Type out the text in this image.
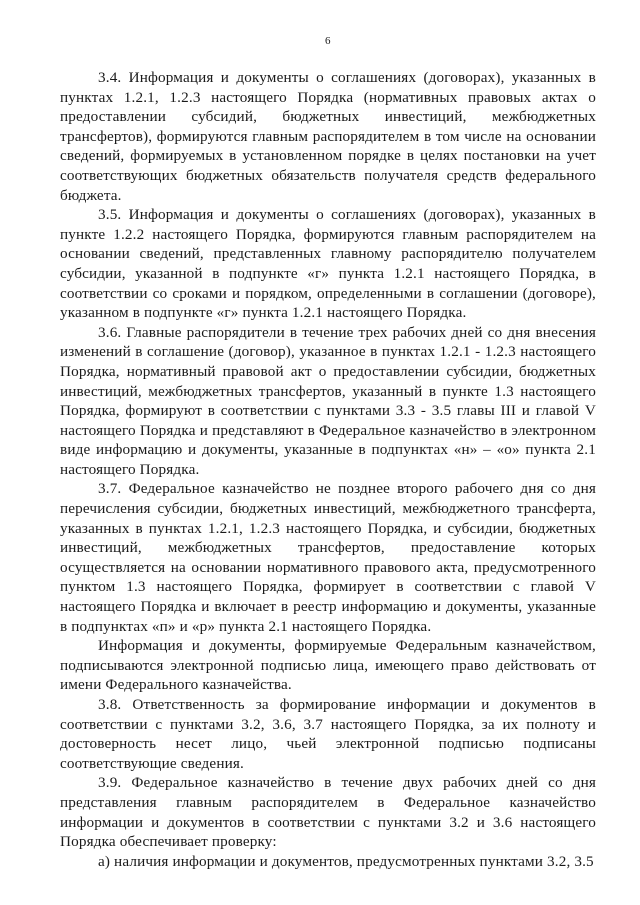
6

3.4. Информация и документы о соглашениях (договорах), указанных в пунктах 1.2.1, 1.2.3 настоящего Порядка (нормативных правовых актах о предоставлении субсидий, бюджетных инвестиций, межбюджетных трансфертов), формируются главным распорядителем в том числе на основании сведений, формируемых в установленном порядке в целях постановки на учет соответствующих бюджетных обязательств получателя средств федерального бюджета.

3.5. Информация и документы о соглашениях (договорах), указанных в пункте 1.2.2 настоящего Порядка, формируются главным распорядителем на основании сведений, представленных главному распорядителю получателем субсидии, указанной в подпункте «г» пункта 1.2.1 настоящего Порядка, в соответствии со сроками и порядком, определенными в соглашении (договоре), указанном в подпункте «г» пункта 1.2.1 настоящего Порядка.

3.6. Главные распорядители в течение трех рабочих дней со дня внесения изменений в соглашение (договор), указанное в пунктах 1.2.1 - 1.2.3 настоящего Порядка, нормативный правовой акт о предоставлении субсидии, бюджетных инвестиций, межбюджетных трансфертов, указанный в пункте 1.3 настоящего Порядка, формируют в соответствии с пунктами 3.3 - 3.5 главы III и главой V настоящего Порядка и представляют в Федеральное казначейство в электронном виде информацию и документы, указанные в подпунктах «н» – «о» пункта 2.1 настоящего Порядка.

3.7. Федеральное казначейство не позднее второго рабочего дня со дня перечисления субсидии, бюджетных инвестиций, межбюджетного трансферта, указанных в пунктах 1.2.1, 1.2.3 настоящего Порядка, и субсидии, бюджетных инвестиций, межбюджетных трансфертов, предоставление которых осуществляется на основании нормативного правового акта, предусмотренного пунктом 1.3 настоящего Порядка, формирует в соответствии с главой V настоящего Порядка и включает в реестр информацию и документы, указанные в подпунктах «п» и «р» пункта 2.1 настоящего Порядка.

Информация и документы, формируемые Федеральным казначейством, подписываются электронной подписью лица, имеющего право действовать от имени Федерального казначейства.

3.8. Ответственность за формирование информации и документов в соответствии с пунктами 3.2, 3.6, 3.7 настоящего Порядка, за их полноту и достоверность несет лицо, чьей электронной подписью подписаны соответствующие сведения.

3.9. Федеральное казначейство в течение двух рабочих дней со дня представления главным распорядителем в Федеральное казначейство информации и документов в соответствии с пунктами 3.2 и 3.6 настоящего Порядка обеспечивает проверку:

а) наличия информации и документов, предусмотренных пунктами 3.2, 3.5
